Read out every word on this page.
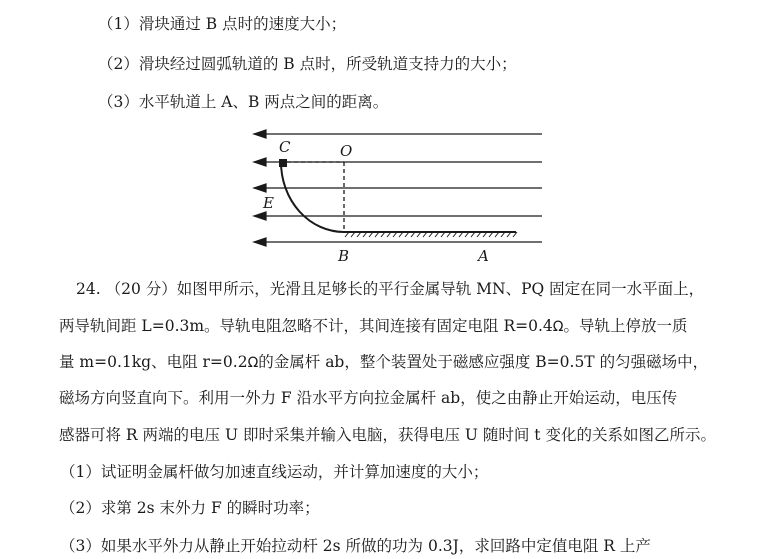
（1）滑块通过 B 点时的速度大小；
（2）滑块经过圆弧轨道的 B 点时，所受轨道支持力的大小；
（3）水平轨道上 A、B 两点之间的距离。
C	O
E
B	A
24. （20 分）如图甲所示，光滑且足够长的平行金属导轨 MN、PQ 固定在同一水平面上，
两导轨间距 L=0.3m。导轨电阻忽略不计，其间连接有固定电阻 R=0.4Ω。导轨上停放一质
量 m=0.1kg、电阻 r=0.2Ω的金属杆 ab，整个装置处于磁感应强度 B=0.5T 的匀强磁场中，
磁场方向竖直向下。利用一外力 F 沿水平方向拉金属杆 ab，使之由静止开始运动，电压传
感器可将 R 两端的电压 U 即时采集并输入电脑，获得电压 U 随时间 t 变化的关系如图乙所示。
（1）试证明金属杆做匀加速直线运动，并计算加速度的大小；
（2）求第 2s 末外力 F 的瞬时功率；
（3）如果水平外力从静止开始拉动杆 2s 所做的功为 0.3J，求回路中定值电阻 R 上产
